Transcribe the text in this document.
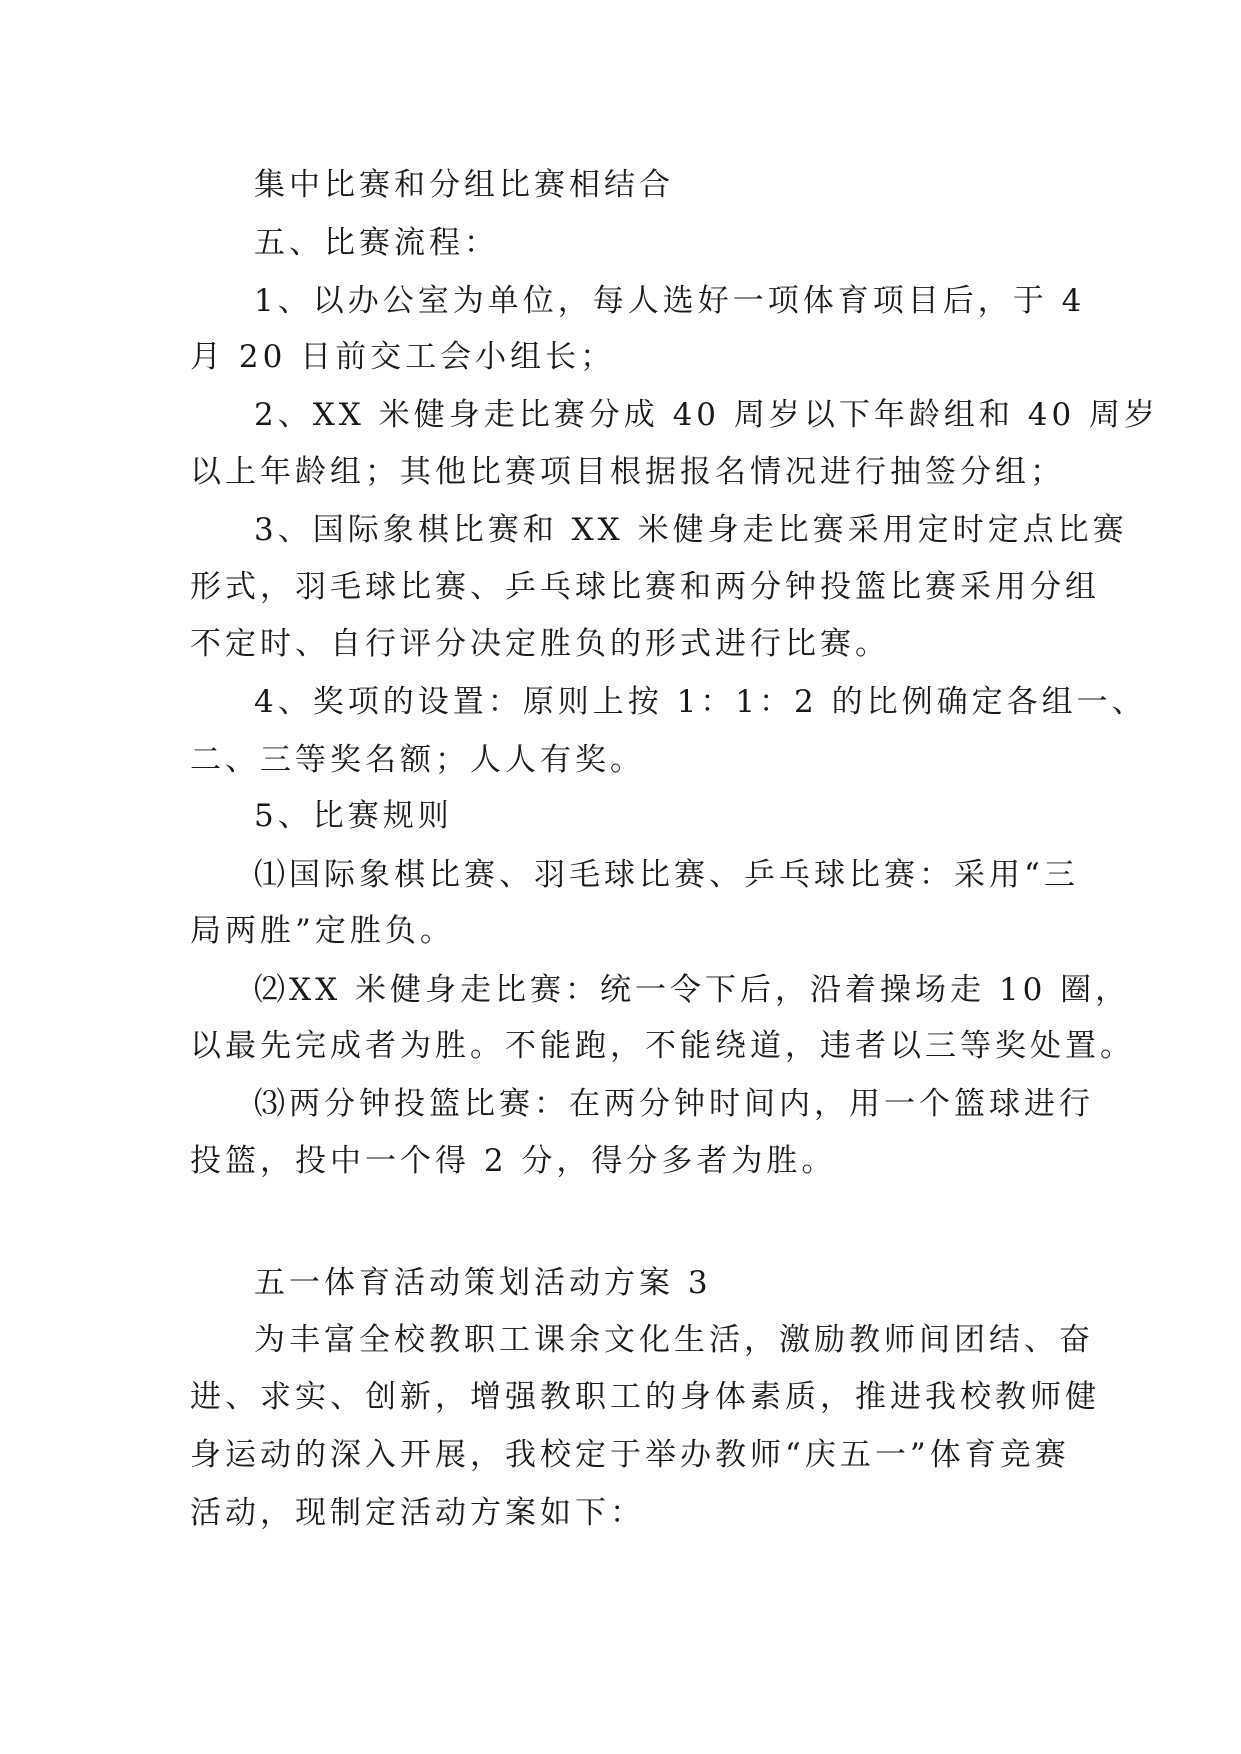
集中比赛和分组比赛相结合
五、比赛流程：
1、以办公室为单位，每人选好一项体育项目后，于 4
月 20 日前交工会小组长；
2、XX 米健身走比赛分成 40 周岁以下年龄组和 40 周岁
以上年龄组；其他比赛项目根据报名情况进行抽签分组；
3、国际象棋比赛和 XX 米健身走比赛采用定时定点比赛
形式，羽毛球比赛、乒乓球比赛和两分钟投篮比赛采用分组
不定时、自行评分决定胜负的形式进行比赛。
4、奖项的设置：原则上按 1：1：2 的比例确定各组一、
二、三等奖名额；人人有奖。
5、比赛规则
⑴国际象棋比赛、羽毛球比赛、乒乓球比赛：采用“三
局两胜”定胜负。
⑵XX 米健身走比赛：统一令下后，沿着操场走 10 圈，
以最先完成者为胜。不能跑，不能绕道，违者以三等奖处置。
⑶两分钟投篮比赛：在两分钟时间内，用一个篮球进行
投篮，投中一个得 2 分，得分多者为胜。
五一体育活动策划活动方案 3
为丰富全校教职工课余文化生活，激励教师间团结、奋
进、求实、创新，增强教职工的身体素质，推进我校教师健
身运动的深入开展，我校定于举办教师“庆五一”体育竞赛
活动，现制定活动方案如下：
